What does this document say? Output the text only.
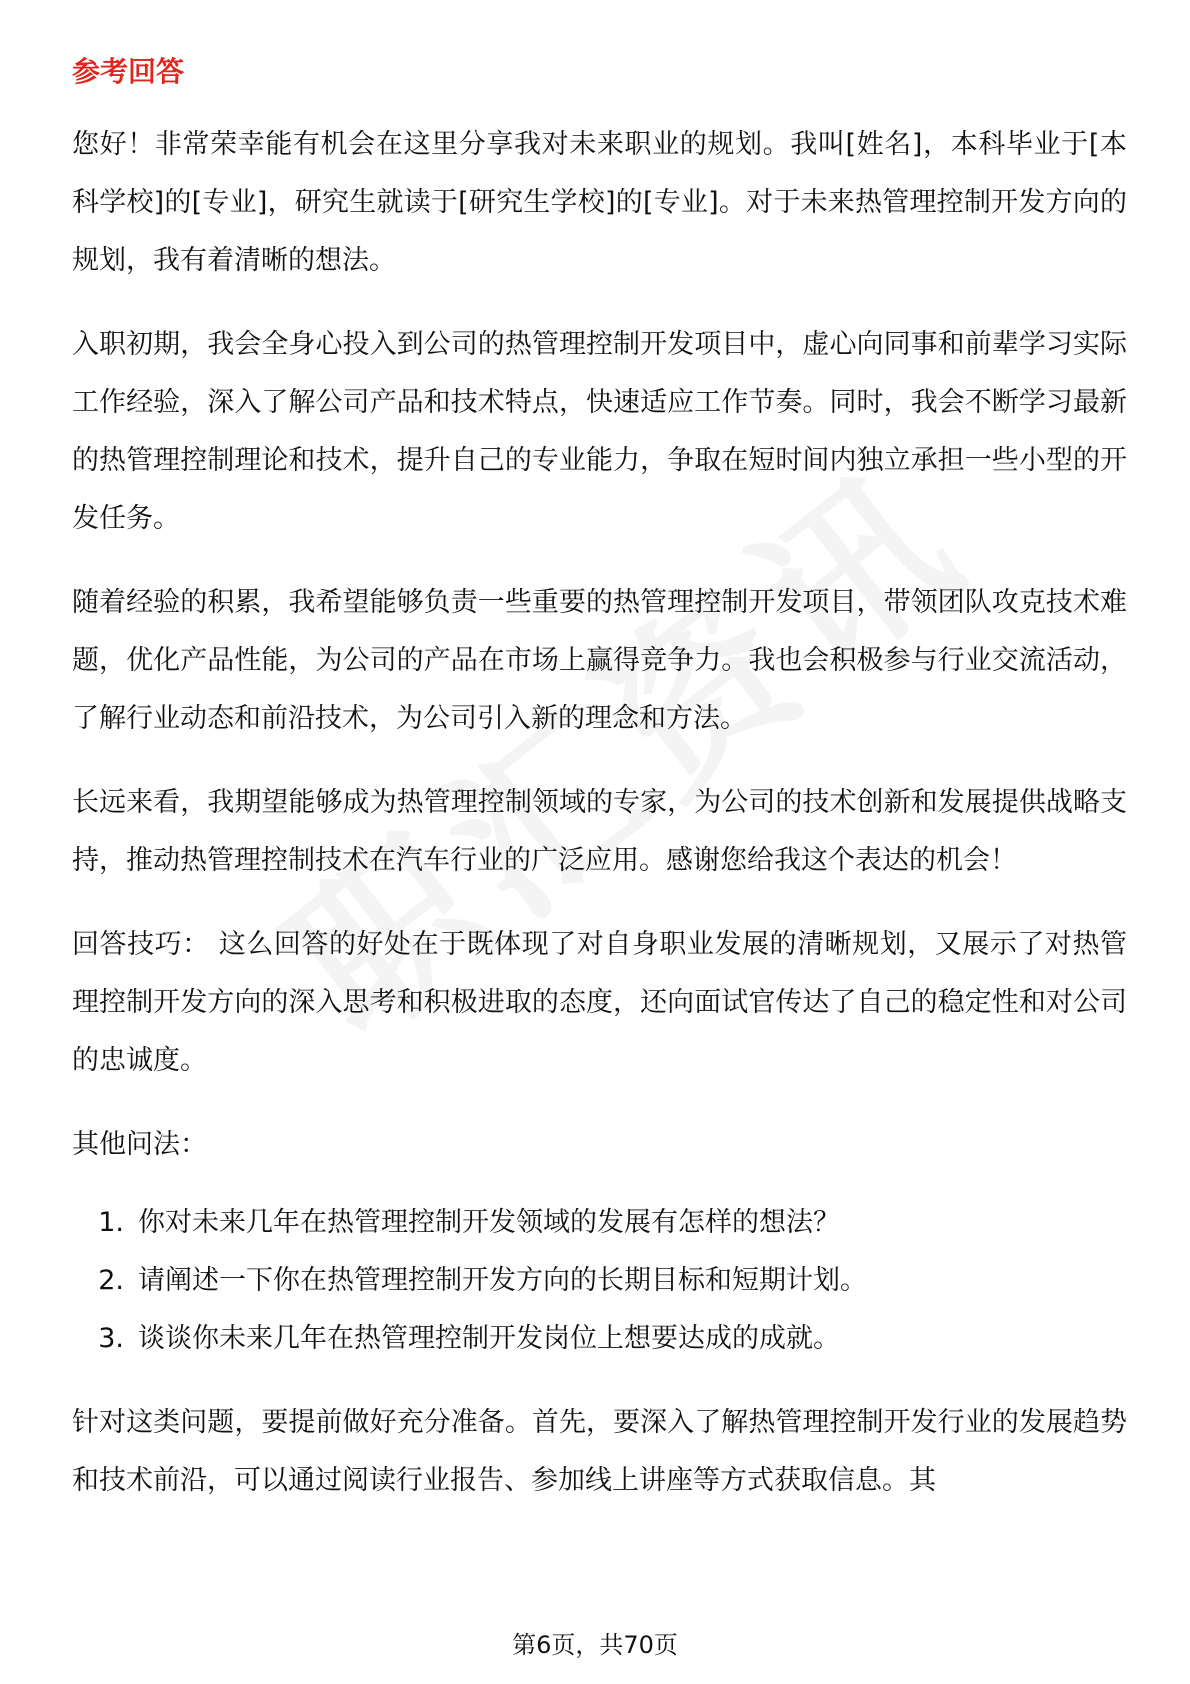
参考回答

您好！非常荣幸能有机会在这里分享我对未来职业的规划。我叫[姓名]，本科毕业于[本科学校]的[专业]，研究生就读于[研究生学校]的[专业]。对于未来热管理控制开发方向的规划，我有着清晰的想法。

入职初期，我会全身心投入到公司的热管理控制开发项目中，虚心向同事和前辈学习实际工作经验，深入了解公司产品和技术特点，快速适应工作节奏。同时，我会不断学习最新的热管理控制理论和技术，提升自己的专业能力，争取在短时间内独立承担一些小型的开发任务。

随着经验的积累，我希望能够负责一些重要的热管理控制开发项目，带领团队攻克技术难题，优化产品性能，为公司的产品在市场上赢得竞争力。我也会积极参与行业交流活动，了解行业动态和前沿技术，为公司引入新的理念和方法。

长远来看，我期望能够成为热管理控制领域的专家，为公司的技术创新和发展提供战略支持，推动热管理控制技术在汽车行业的广泛应用。感谢您给我这个表达的机会！

回答技巧： 这么回答的好处在于既体现了对自身职业发展的清晰规划，又展示了对热管理控制开发方向的深入思考和积极进取的态度，还向面试官传达了自己的稳定性和对公司的忠诚度。

其他问法：

1. 你对未来几年在热管理控制开发领域的发展有怎样的想法？
2. 请阐述一下你在热管理控制开发方向的长期目标和短期计划。
3. 谈谈你未来几年在热管理控制开发岗位上想要达成的成就。

针对这类问题，要提前做好充分准备。首先，要深入了解热管理控制开发行业的发展趋势和技术前沿，可以通过阅读行业报告、参加线上讲座等方式获取信息。其

第6页，共70页
